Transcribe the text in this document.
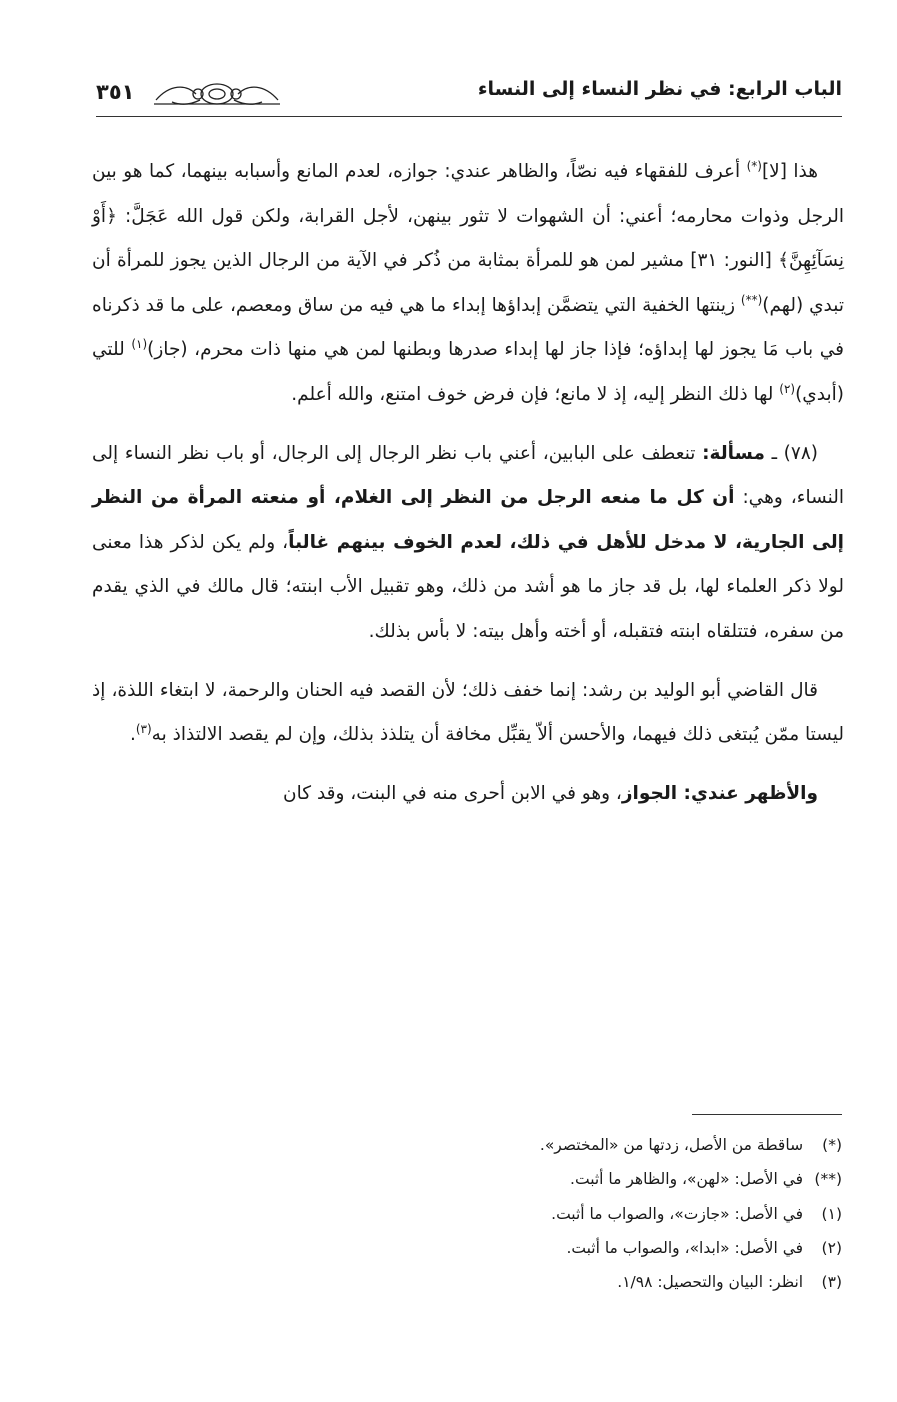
٣٥١	الباب الرابع: في نظر النساء إلى النساء

هذا [لا](*) أعرف للفقهاء فيه نصّاً، والظاهر عندي: جوازه، لعدم المانع وأسبابه بينهما، كما هو بين الرجل وذوات محارمه؛ أعني: أن الشهوات لا تثور بينهن، لأجل القرابة، ولكن قول الله عَجَلَّ: ﴿أَوْ نِسَآئِهِنَّ﴾ [النور: ٣١] مشير لمن هو للمرأة بمثابة من ذُكر في الآية من الرجال الذين يجوز للمرأة أن تبدي (لهم)(**) زينتها الخفية التي يتضمَّن إبداؤها إبداء ما هي فيه من ساق ومعصم، على ما قد ذكرناه في باب مَا يجوز لها إبداؤه؛ فإذا جاز لها إبداء صدرها وبطنها لمن هي منها ذات محرم، (جاز)$^{(١)}$ للتي (أبدي)$^{(٢)}$ لها ذلك النظر إليه، إذ لا مانع؛ فإن فرض خوف امتنع، والله أعلم.

(٧٨) ـ مسألة: تنعطف على البابين، أعني باب نظر الرجال إلى الرجال، أو باب نظر النساء إلى النساء، وهي: أن كل ما منعه الرجل من النظر إلى الغلام، أو منعته المرأة من النظر إلى الجارية، لا مدخل للأهل في ذلك، لعدم الخوف بينهم غالباً، ولم يكن لذكر هذا معنى لولا ذكر العلماء لها، بل قد جاز ما هو أشد من ذلك، وهو تقبيل الأب ابنته؛ قال مالك في الذي يقدم من سفره، فتتلقاه ابنته فتقبله، أو أخته وأهل بيته: لا بأس بذلك.

قال القاضي أبو الوليد بن رشد: إنما خفف ذلك؛ لأن القصد فيه الحنان والرحمة، لا ابتغاء اللذة، إذ ليستا ممّن يُبتغى ذلك فيهما، والأحسن ألاّ يقبِّل مخافة أن يتلذذ بذلك، وإن لم يقصد الالتذاذ به$^{(٣)}$.

والأظهر عندي: الجواز، وهو في الابن أحرى منه في البنت، وقد كان

(*) ساقطة من الأصل، زدتها من «المختصر».

(**) في الأصل: «لهن»، والظاهر ما أثبت.

(١) في الأصل: «جازت»، والصواب ما أثبت.

(٢) في الأصل: «ابدا»، والصواب ما أثبت.

(٣) انظر: البيان والتحصيل: ١/٩٨.
